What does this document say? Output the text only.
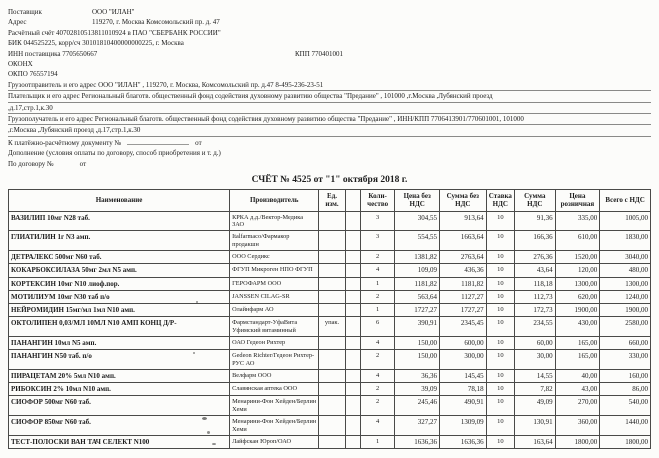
Поставщик	ООО "ИЛАН"
Адрес	119270, г. Москва Комсомольский пр. д. 47
Расчётный счёт 40702810513811010924 в ПАО "СБЕРБАНК РОССИИ"
БИК 044525225, корр/сч 30101810400000000225, г. Москва
ИНН поставщика 7705650667	КПП 770401001
ОКОНХ
ОКПО 76557194
Грузоотправитель и его адрес ООО "ИЛАН" , 119270, г. Москва, Комсомольский пр. д.47 8-495-236-23-51
Плательщик и его адрес Региональный благотв. общественный фонд содействия духовному развитию общества "Предание" , 101000 ,г.Москва ,Лубянский проезд
,д.17,стр.1,к.30
Грузополучатель и его адрес Региональный благотв. общественный фонд содействия духовному развитию общества "Предание" , ИНН/КПП 7706413901/770601001, 101000
,г.Москва ,Лубянский проезд ,д.17,стр.1,к.30
К платёжно-расчётному документу №	от
Дополнение (условия оплаты по договору, способ приобретения и т. д.)
По договору №	от
СЧЁТ № 4525 от "1" октября 2018 г.
Наименование	Производитель	Ед. изм.		Коли-чество	Цена без НДС	Сумма без НДС	Ставка НДС	Сумма НДС	Цена розничная	Всего с НДС
ВАЗИЛИП 10мг N28 таб.	КРКА д.д./Вектор-Медика ЗАО			3	304,55	913,64	10	91,36	335,00	1005,00
ГЛИАТИЛИН 1г N3 амп.	Italfarmaco/Фармакор продакшн			3	554,55	1663,64	10	166,36	610,00	1830,00
ДЕТРАЛЕКС 500мг N60 таб.	ООО Сердикс			2	1381,82	2763,64	10	276,36	1520,00	3040,00
КОКАРБОКСИЛАЗА 50мг 2мл N5 амп.	ФГУП Микроген НПО ФГУП			4	109,09	436,36	10	43,64	120,00	480,00
КОРТЕКСИН 10мг N10 лиоф.пор.	ГЕРОФАРМ ООО			1	1181,82	1181,82	10	118,18	1300,00	1300,00
МОТИЛИУМ 10мг N30 таб п/о	JANSSEN CILAG-SR			2	563,64	1127,27	10	112,73	620,00	1240,00
НЕЙРОМИДИН 15мг/мл 1мл N10 амп.	Олайнфарм АО			1	1727,27	1727,27	10	172,73	1900,00	1900,00
ОКТОЛИПЕН 0,03/МЛ 10МЛ N10 АМП КОНЦ Д/Р-	Фармстандарт-УфаВита Уфимский витаминный	упак.		6	390,91	2345,45	10	234,55	430,00	2580,00
ПАНАНГИН 10мл N5 амп.	ОАО Гедеон Рихтер			4	150,00	600,00	10	60,00	165,00	660,00
ПАНАНГИН N50 таб. п/о	Gedeon Richter/Гедеон Рихтер-РУС АО			2	150,00	300,00	10	30,00	165,00	330,00
ПИРАЦЕТАМ 20% 5мл N10 амп.	Велфарм ООО			4	36,36	145,45	10	14,55	40,00	160,00
РИБОКСИН 2% 10мл N10 амп.	Славянская аптека ООО			2	39,09	78,18	10	7,82	43,00	86,00
СИОФОР 500мг N60 таб.	Менарини-Фон Хейден/Берлин Хеми			2	245,46	490,91	10	49,09	270,00	540,00
СИОФОР 850мг N60 таб.	Менарини-Фон Хейден/Берлин Хеми			4	327,27	1309,09	10	130,91	360,00	1440,00
ТЕСТ-ПОЛОСКИ ВАН ТАЧ СЕЛЕКТ N100	Лайфскан Юроп/ОАО			1	1636,36	1636,36	10	163,64	1800,00	1800,00
